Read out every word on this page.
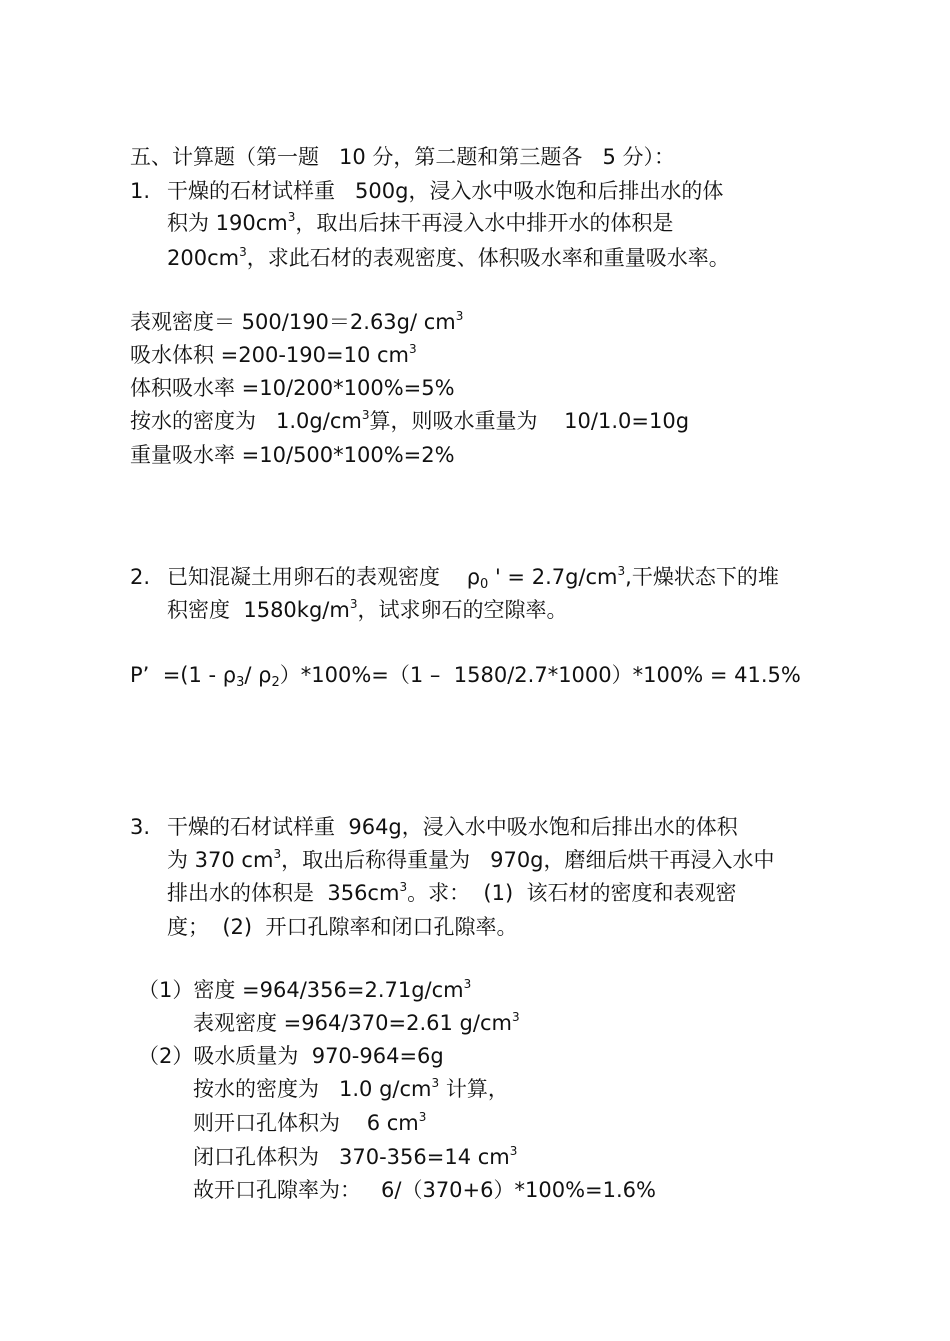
五、计算题（第一题   10 分，第二题和第三题各   5 分）：
1. 干燥的石材试样重   500g，浸入水中吸水饱和后排出水的体
积为 $190cm^3$，取出后抹干再浸入水中排开水的体积是
$200cm^3$，求此石材的表观密度、体积吸水率和重量吸水率。
表观密度＝ 500/190＝2.63g/ $cm^3$
吸水体积 =200-190=10 $cm^3$
体积吸水率 =10/200*100%=5%
按水的密度为   $1.0g/cm^3$算，则吸水重量为    10/1.0=10g
重量吸水率 =10/500*100%=2%
2. 已知混凝土用卵石的表观密度    $\rho_0$ ' = $2.7g/cm^3$,干燥状态下的堆
积密度  $1580kg/m^3$，试求卵石的空隙率。
P’  $=(1 - \rho_3/$ $\rho_2)*100\%=(1 - 1580/2.7*1000)*100\% = 41.5\%$
3. 干燥的石材试样重  964g，浸入水中吸水饱和后排出水的体积
为 370 $cm^3$，取出后称得重量为   970g，磨细后烘干再浸入水中
排出水的体积是  $356cm^3$。求：  (1)  该石材的密度和表观密
度；  (2)  开口孔隙率和闭口孔隙率。
（1）密度 $=964/356=2.71g/cm^3$
表观密度 =964/370=2.61 $g/cm^3$
（2）吸水质量为  970-964=6g
按水的密度为   1.0 $g/cm^3$ 计算，
则开口孔体积为    6 $cm^3$
闭口孔体积为   370-356=14 $cm^3$
故开口孔隙率为：   6/（370+6）*100%=1.6%
